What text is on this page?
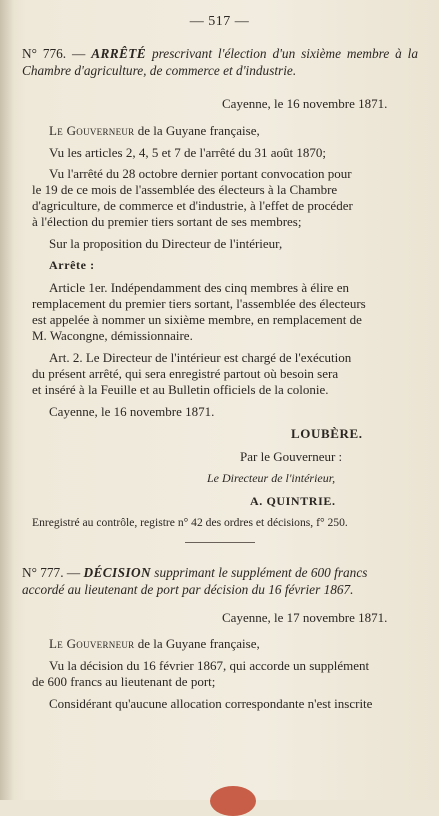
— 517 —
N° 776. — ARRÊTÉ prescrivant l'élection d'un sixième membre à la Chambre d'agriculture, de commerce et d'industrie.
Cayenne, le 16 novembre 1871.
Le Gouverneur de la Guyane française,
Vu les articles 2, 4, 5 et 7 de l'arrêté du 31 août 1870;
Vu l'arrêté du 28 octobre dernier portant convocation pour
le 19 de ce mois de l'assemblée des électeurs à la Chambre
d'agriculture, de commerce et d'industrie, à l'effet de procéder
à l'élection du premier tiers sortant de ses membres;
Sur la proposition du Directeur de l'intérieur,
Arrête :
Article 1er. Indépendamment des cinq membres à élire en
remplacement du premier tiers sortant, l'assemblée des électeurs
est appelée à nommer un sixième membre, en remplacement de
M. Wacongne, démissionnaire.
Art. 2. Le Directeur de l'intérieur est chargé de l'exécution
du présent arrêté, qui sera enregistré partout où besoin sera
et inséré à la Feuille et au Bulletin officiels de la colonie.
Cayenne, le 16 novembre 1871.
LOUBÈRE.
Par le Gouverneur :
Le Directeur de l'intérieur,
A. QUINTRIE.
Enregistré au contrôle, registre n° 42 des ordres et décisions, f° 250.
N° 777. — DÉCISION supprimant le supplément de 600 francs
accordé au lieutenant de port par décision du 16 février 1867.
Cayenne, le 17 novembre 1871.
Le Gouverneur de la Guyane française,
Vu la décision du 16 février 1867, qui accorde un supplément
de 600 francs au lieutenant de port;
Considérant qu'aucune allocation correspondante n'est inscrite
